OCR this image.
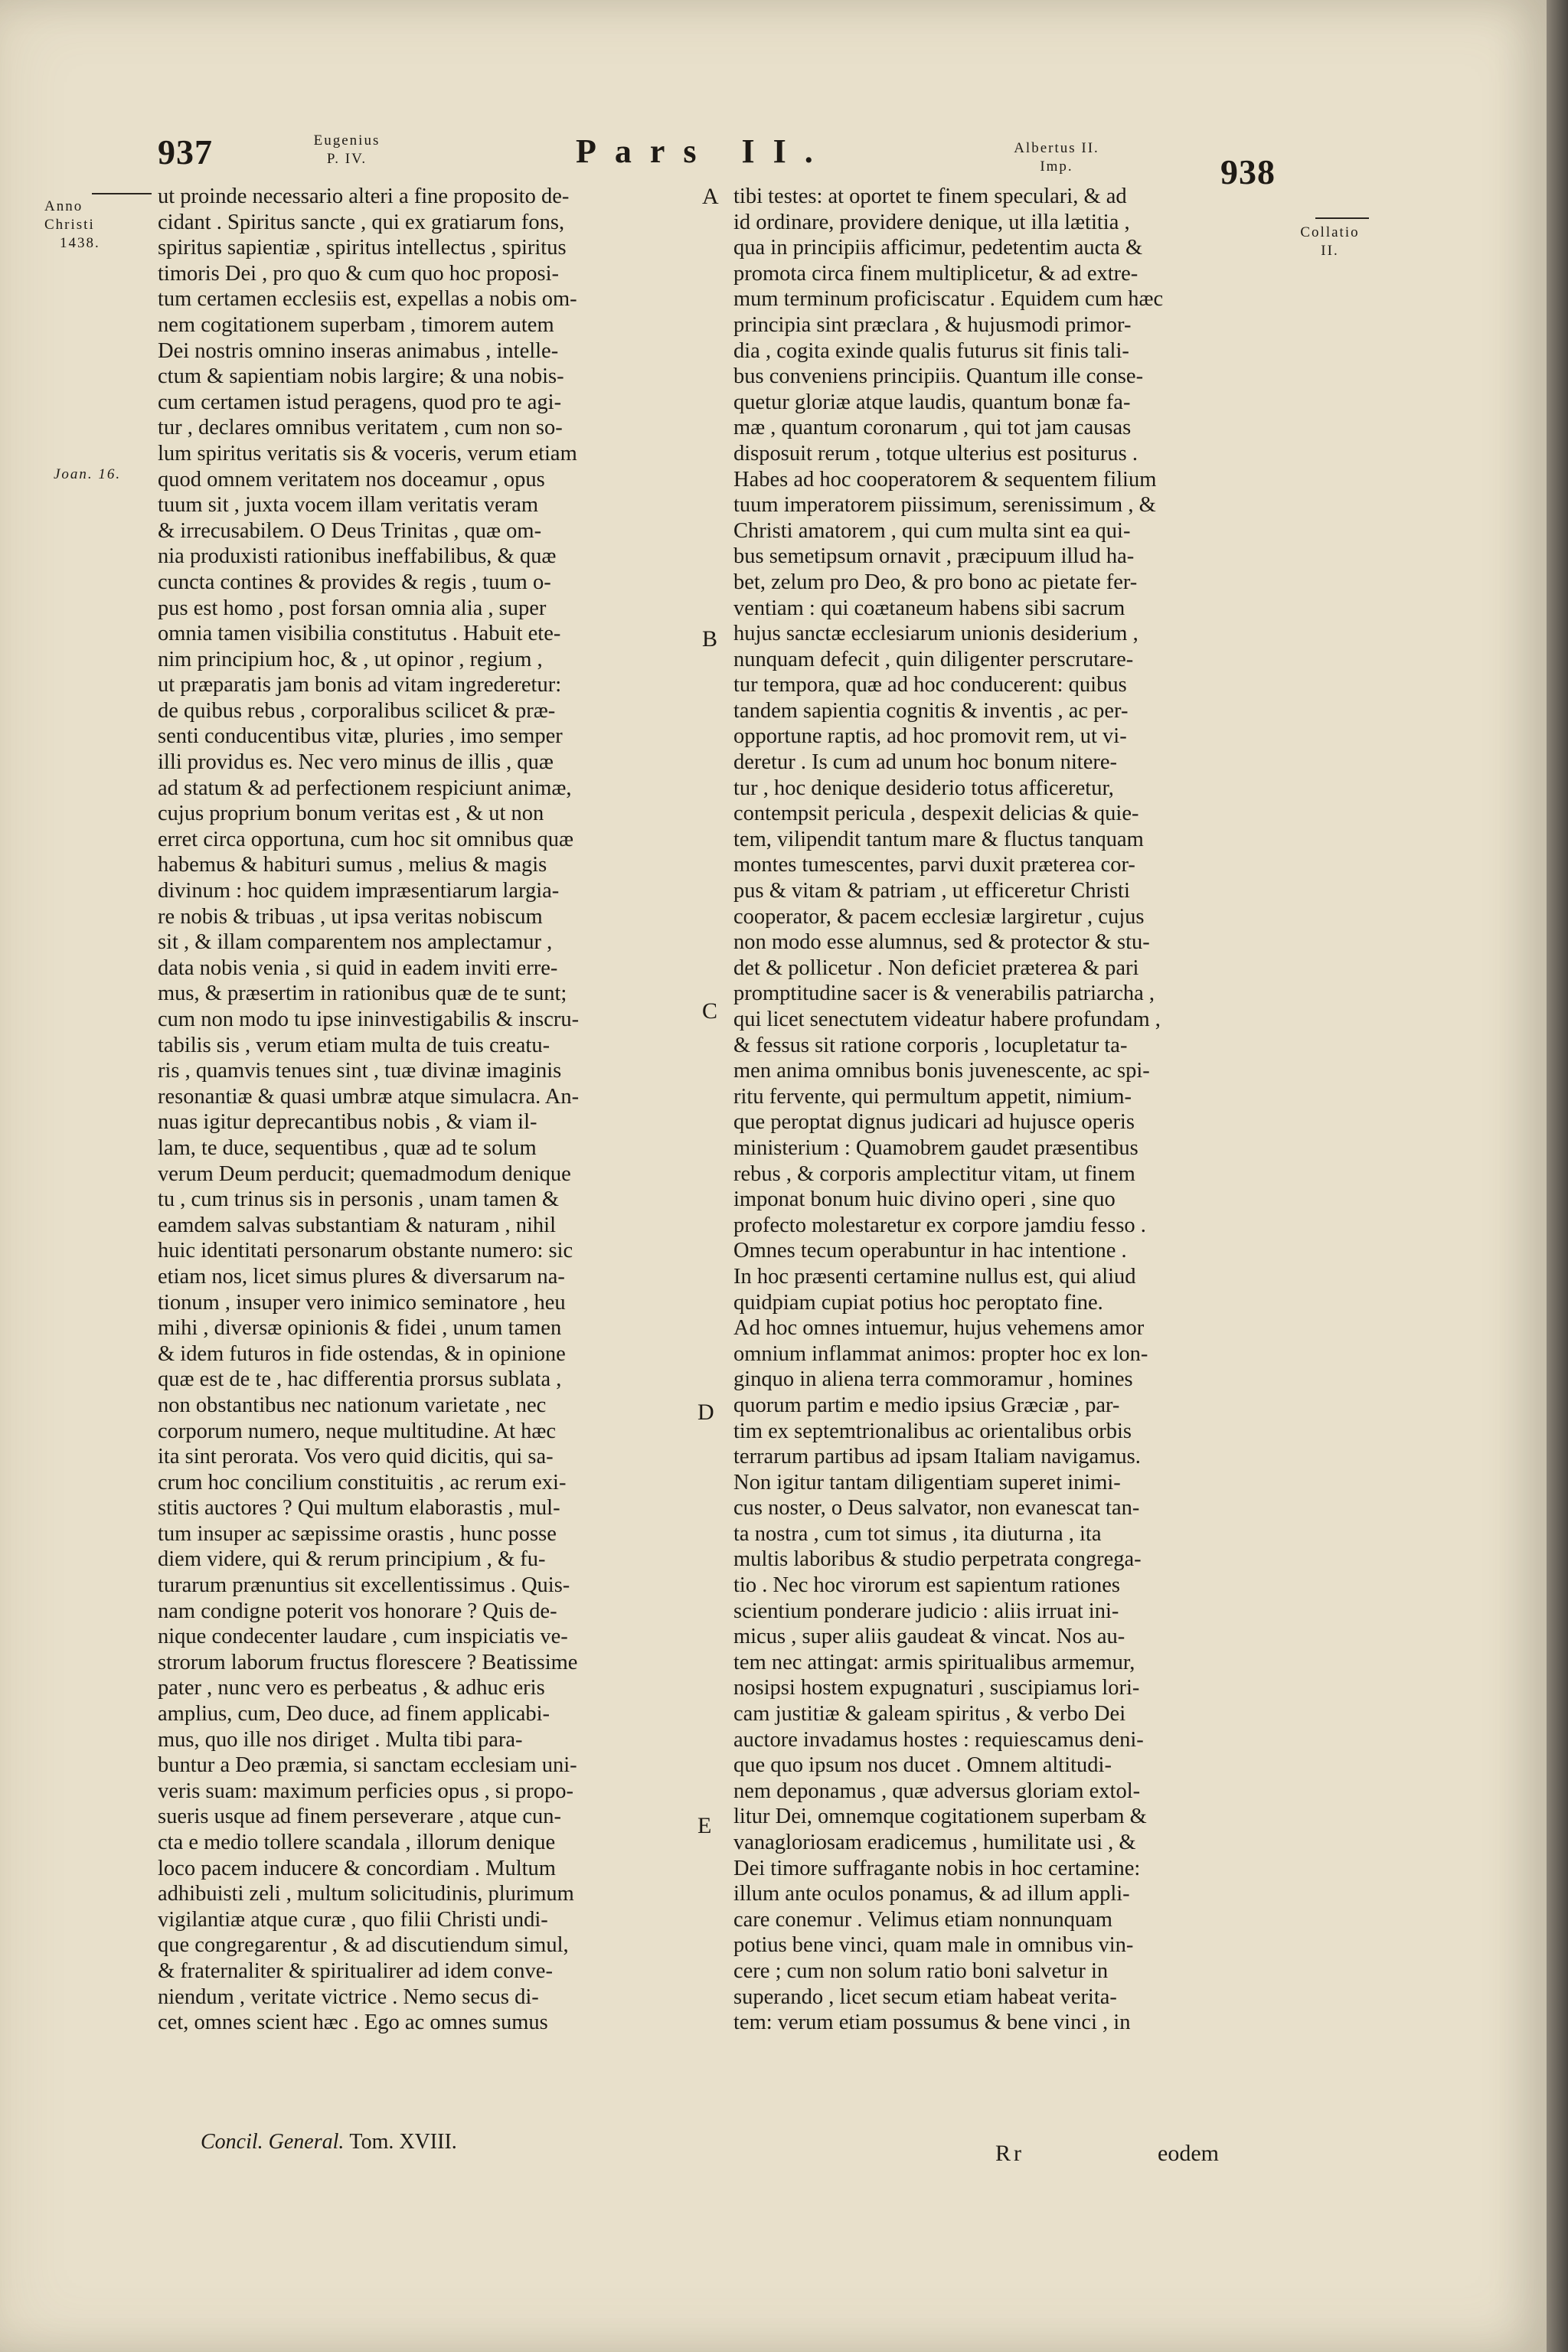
937	Eugenius
P. IV.	Pars II.	Albertus II.
Imp.	938
Anno
Christi
1438.
Joan. 16.
Collatio
II.
A
B
C
D
E
ut proinde necessario alteri a fine proposito de-
cidant . Spiritus sancte , qui ex gratiarum fons,
spiritus sapientiæ , spiritus intellectus , spiritus
timoris Dei , pro quo & cum quo hoc proposi-
tum certamen ecclesiis est, expellas a nobis om-
nem cogitationem superbam , timorem autem
Dei nostris omnino inseras animabus , intelle-
ctum & sapientiam nobis largire; & una nobis-
cum certamen istud peragens, quod pro te agi-
tur , declares omnibus veritatem , cum non so-
lum spiritus veritatis sis & voceris, verum etiam
quod omnem veritatem nos doceamur , opus
tuum sit , juxta vocem illam veritatis veram
& irrecusabilem. O Deus Trinitas , quæ om-
nia produxisti rationibus ineffabilibus, & quæ
cuncta contines & provides & regis , tuum o-
pus est homo , post forsan omnia alia , super
omnia tamen visibilia constitutus . Habuit ete-
nim principium hoc, & , ut opinor , regium ,
ut præparatis jam bonis ad vitam ingrederetur:
de quibus rebus , corporalibus scilicet & præ-
senti conducentibus vitæ, pluries , imo semper
illi providus es. Nec vero minus de illis , quæ
ad statum & ad perfectionem respiciunt animæ,
cujus proprium bonum veritas est , & ut non
erret circa opportuna, cum hoc sit omnibus quæ
habemus & habituri sumus , melius & magis
divinum : hoc quidem impræsentiarum largia-
re nobis & tribuas , ut ipsa veritas nobiscum
sit , & illam comparentem nos amplectamur ,
data nobis venia , si quid in eadem inviti erre-
mus, & præsertim in rationibus quæ de te sunt;
cum non modo tu ipse ininvestigabilis & inscru-
tabilis sis , verum etiam multa de tuis creatu-
ris , quamvis tenues sint , tuæ divinæ imaginis
resonantiæ & quasi umbræ atque simulacra. An-
nuas igitur deprecantibus nobis , & viam il-
lam, te duce, sequentibus , quæ ad te solum
verum Deum perducit; quemadmodum denique
tu , cum trinus sis in personis , unam tamen &
eamdem salvas substantiam & naturam , nihil
huic identitati personarum obstante numero: sic
etiam nos, licet simus plures & diversarum na-
tionum , insuper vero inimico seminatore , heu
mihi , diversæ opinionis & fidei , unum tamen
& idem futuros in fide ostendas, & in opinione
quæ est de te , hac differentia prorsus sublata ,
non obstantibus nec nationum varietate , nec
corporum numero, neque multitudine. At hæc
ita sint perorata. Vos vero quid dicitis, qui sa-
crum hoc concilium constituitis , ac rerum exi-
stitis auctores ? Qui multum elaborastis , mul-
tum insuper ac sæpissime orastis , hunc posse
diem videre, qui & rerum principium , & fu-
turarum prænuntius sit excellentissimus . Quis-
nam condigne poterit vos honorare ? Quis de-
nique condecenter laudare , cum inspiciatis ve-
strorum laborum fructus florescere ? Beatissime
pater , nunc vero es perbeatus , & adhuc eris
amplius, cum, Deo duce, ad finem applicabi-
mus, quo ille nos diriget . Multa tibi para-
buntur a Deo præmia, si sanctam ecclesiam uni-
veris suam: maximum perficies opus , si propo-
sueris usque ad finem perseverare , atque cun-
cta e medio tollere scandala , illorum denique
loco pacem inducere & concordiam . Multum
adhibuisti zeli , multum solicitudinis, plurimum
vigilantiæ atque curæ , quo filii Christi undi-
que congregarentur , & ad discutiendum simul,
& fraternaliter & spiritualirer ad idem conve-
niendum , veritate victrice . Nemo secus di-
cet, omnes scient hæc . Ego ac omnes sumus
tibi testes: at oportet te finem speculari, & ad
id ordinare, providere denique, ut illa lætitia ,
qua in principiis afficimur, pedetentim aucta &
promota circa finem multiplicetur, & ad extre-
mum terminum proficiscatur . Equidem cum hæc
principia sint præclara , & hujusmodi primor-
dia , cogita exinde qualis futurus sit finis tali-
bus conveniens principiis. Quantum ille conse-
quetur gloriæ atque laudis, quantum bonæ fa-
mæ , quantum coronarum , qui tot jam causas
disposuit rerum , totque ulterius est positurus .
Habes ad hoc cooperatorem & sequentem filium
tuum imperatorem piissimum, serenissimum , &
Christi amatorem , qui cum multa sint ea qui-
bus semetipsum ornavit , præcipuum illud ha-
bet, zelum pro Deo, & pro bono ac pietate fer-
ventiam : qui coætaneum habens sibi sacrum
hujus sanctæ ecclesiarum unionis desiderium ,
nunquam defecit , quin diligenter perscrutare-
tur tempora, quæ ad hoc conducerent: quibus
tandem sapientia cognitis & inventis , ac per-
opportune raptis, ad hoc promovit rem, ut vi-
deretur . Is cum ad unum hoc bonum nitere-
tur , hoc denique desiderio totus afficeretur,
contempsit pericula , despexit delicias & quie-
tem, vilipendit tantum mare & fluctus tanquam
montes tumescentes, parvi duxit præterea cor-
pus & vitam & patriam , ut efficeretur Christi
cooperator, & pacem ecclesiæ largiretur , cujus
non modo esse alumnus, sed & protector & stu-
det & pollicetur . Non deficiet præterea & pari
promptitudine sacer is & venerabilis patriarcha ,
qui licet senectutem videatur habere profundam ,
& fessus sit ratione corporis , locupletatur ta-
men anima omnibus bonis juvenescente, ac spi-
ritu fervente, qui permultum appetit, nimium-
que peroptat dignus judicari ad hujusce operis
ministerium : Quamobrem gaudet præsentibus
rebus , & corporis amplectitur vitam, ut finem
imponat bonum huic divino operi , sine quo
profecto molestaretur ex corpore jamdiu fesso .
Omnes tecum operabuntur in hac intentione .
In hoc præsenti certamine nullus est, qui aliud
quidpiam cupiat potius hoc peroptato fine.
Ad hoc omnes intuemur, hujus vehemens amor
omnium inflammat animos: propter hoc ex lon-
ginquo in aliena terra commoramur , homines
quorum partim e medio ipsius Græciæ , par-
tim ex septemtrionalibus ac orientalibus orbis
terrarum partibus ad ipsam Italiam navigamus.
Non igitur tantam diligentiam superet inimi-
cus noster, o Deus salvator, non evanescat tan-
ta nostra , cum tot simus , ita diuturna , ita
multis laboribus & studio perpetrata congrega-
tio . Nec hoc virorum est sapientum rationes
scientium ponderare judicio : aliis irruat ini-
micus , super aliis gaudeat & vincat. Nos au-
tem nec attingat: armis spiritualibus armemur,
nosipsi hostem expugnaturi , suscipiamus lori-
cam justitiæ & galeam spiritus , & verbo Dei
auctore invadamus hostes : requiescamus deni-
que quo ipsum nos ducet . Omnem altitudi-
nem deponamus , quæ adversus gloriam extol-
litur Dei, omnemque cogitationem superbam &
vanagloriosam eradicemus , humilitate usi , &
Dei timore suffragante nobis in hoc certamine:
illum ante oculos ponamus, & ad illum appli-
care conemur . Velimus etiam nonnunquam
potius bene vinci, quam male in omnibus vin-
cere ; cum non solum ratio boni salvetur in
superando , licet secum etiam habeat verita-
tem: verum etiam possumus & bene vinci , in
Concil. General. Tom. XVIII.	Rr	eodem
